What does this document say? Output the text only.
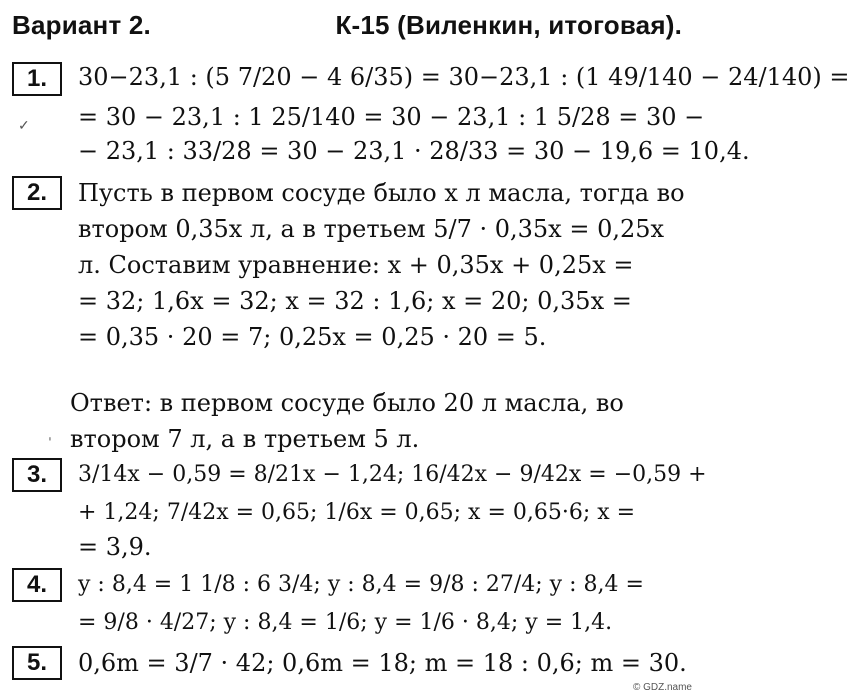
Вариант 2.	К-15 (Виленкин, итоговая).
1.	30−23,1 : (5 7/20 − 4 6/35) = 30−23,1 : (1 49/140 − 24/140) =
= 30 − 23,1 : 1 25/140 = 30 − 23,1 : 1 5/28 = 30 −
− 23,1 : 33/28 = 30 − 23,1 · 28/33 = 30 − 19,6 = 10,4.
2.	Пусть в первом сосуде было x л масла, тогда во
втором 0,35x л, а в третьем 5/7 · 0,35x = 0,25x
л. Составим уравнение: x + 0,35x + 0,25x =
= 32; 1,6x = 32; x = 32 : 1,6; x = 20; 0,35x =
= 0,35 · 20 = 7; 0,25x = 0,25 · 20 = 5.
Ответ: в первом сосуде было 20 л масла, во
втором 7 л, а в третьем 5 л.
3.	3/14x − 0,59 = 8/21x − 1,24; 16/42x − 9/42x = −0,59 +
+ 1,24; 7/42x = 0,65; 1/6x = 0,65; x = 0,65·6; x =
= 3,9.
4.	y : 8,4 = 1 1/8 : 6 3/4; y : 8,4 = 9/8 : 27/4; y : 8,4 =
= 9/8 · 4/27; y : 8,4 = 1/6; y = 1/6 · 8,4; y = 1,4.
5.	0,6m = 3/7 · 42; 0,6m = 18; m = 18 : 0,6; m = 30.
✓
ˈ
© GDZ.name
